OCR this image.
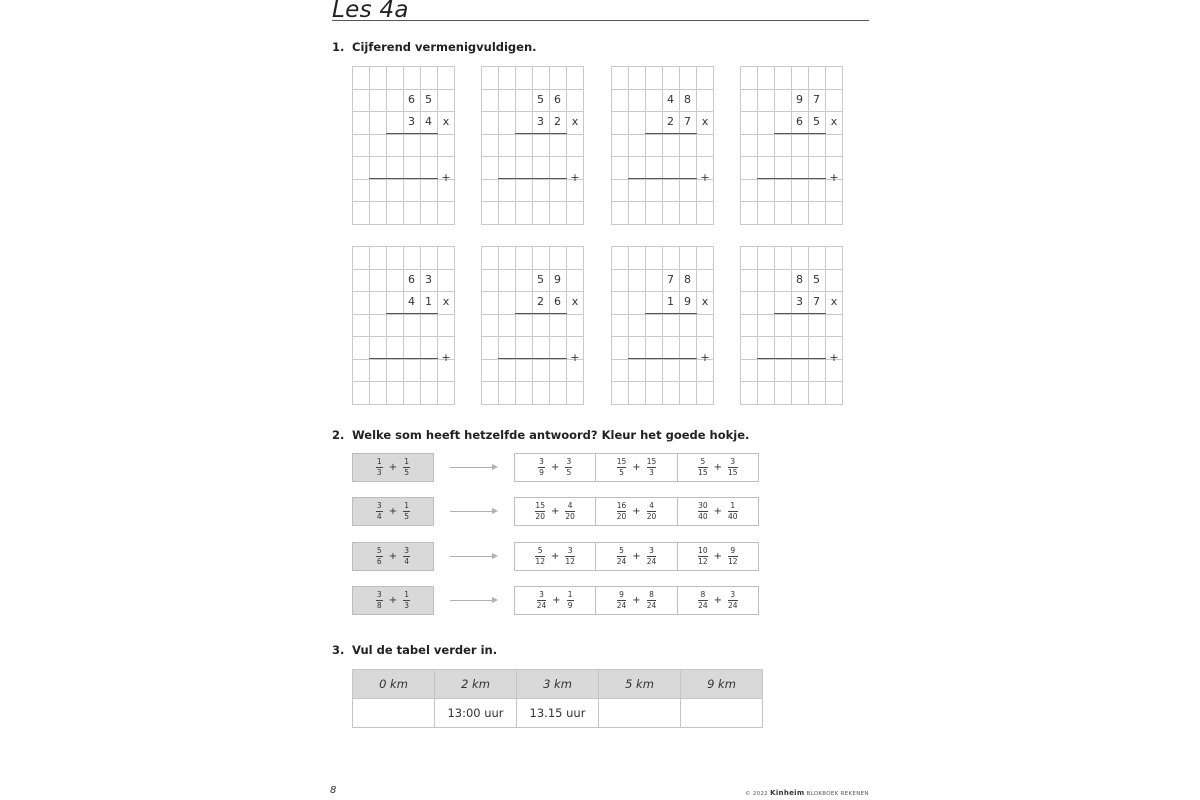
Les 4a
1. Cijferend vermenigvuldigen.
6 5
3 4 x
+
5 6
3 2 x
+
4 8
2 7 x
+
9 7
6 5 x
+
6 3
4 1 x
+
5 9
2 6 x
+
7 8
1 9 x
+
8 5
3 7 x
+
2. Welke som heeft hetzelfde antwoord? Kleur het goede hokje.
$\frac{1}{3} + \frac{1}{5}$	$\frac{3}{9} + \frac{3}{5}$	$\frac{15}{5} + \frac{15}{3}$	$\frac{5}{15} + \frac{3}{15}$
$\frac{3}{4} + \frac{1}{5}$	$\frac{15}{20} + \frac{4}{20}$	$\frac{16}{20} + \frac{4}{20}$	$\frac{30}{40} + \frac{1}{40}$
$\frac{5}{6} + \frac{3}{4}$	$\frac{5}{12} + \frac{3}{12}$	$\frac{5}{24} + \frac{3}{24}$	$\frac{10}{12} + \frac{9}{12}$
$\frac{3}{8} + \frac{1}{3}$	$\frac{3}{24} + \frac{1}{9}$	$\frac{9}{24} + \frac{8}{24}$	$\frac{8}{24} + \frac{3}{24}$
3. Vul de tabel verder in.
0 km	2 km	3 km	5 km	9 km
	13:00 uur	13.15 uur		
8	© 2022 Kinheim BLOKBOEK REKENEN
